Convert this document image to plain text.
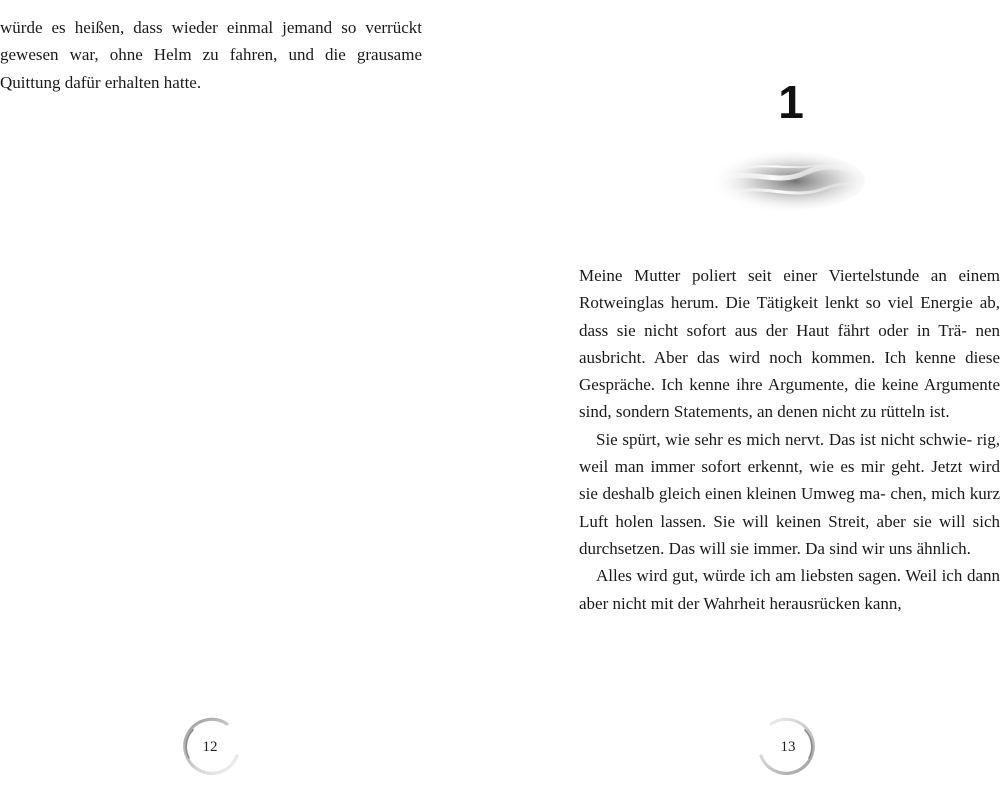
würde es heißen, dass wieder einmal jemand so verrückt gewesen war, ohne Helm zu fahren, und die grausame Quittung dafür erhalten hatte.

12
1

Meine Mutter poliert seit einer Viertelstunde an einem Rotweinglas herum. Die Tätigkeit lenkt so viel Energie ab, dass sie nicht sofort aus der Haut fährt oder in Trä- nen ausbricht. Aber das wird noch kommen. Ich kenne diese Gespräche. Ich kenne ihre Argumente, die keine Argumente sind, sondern Statements, an denen nicht zu rütteln ist.

Sie spürt, wie sehr es mich nervt. Das ist nicht schwie- rig, weil man immer sofort erkennt, wie es mir geht. Jetzt wird sie deshalb gleich einen kleinen Umweg ma- chen, mich kurz Luft holen lassen. Sie will keinen Streit, aber sie will sich durchsetzen. Das will sie immer. Da sind wir uns ähnlich.

Alles wird gut, würde ich am liebsten sagen. Weil ich dann aber nicht mit der Wahrheit herausrücken kann,

13
